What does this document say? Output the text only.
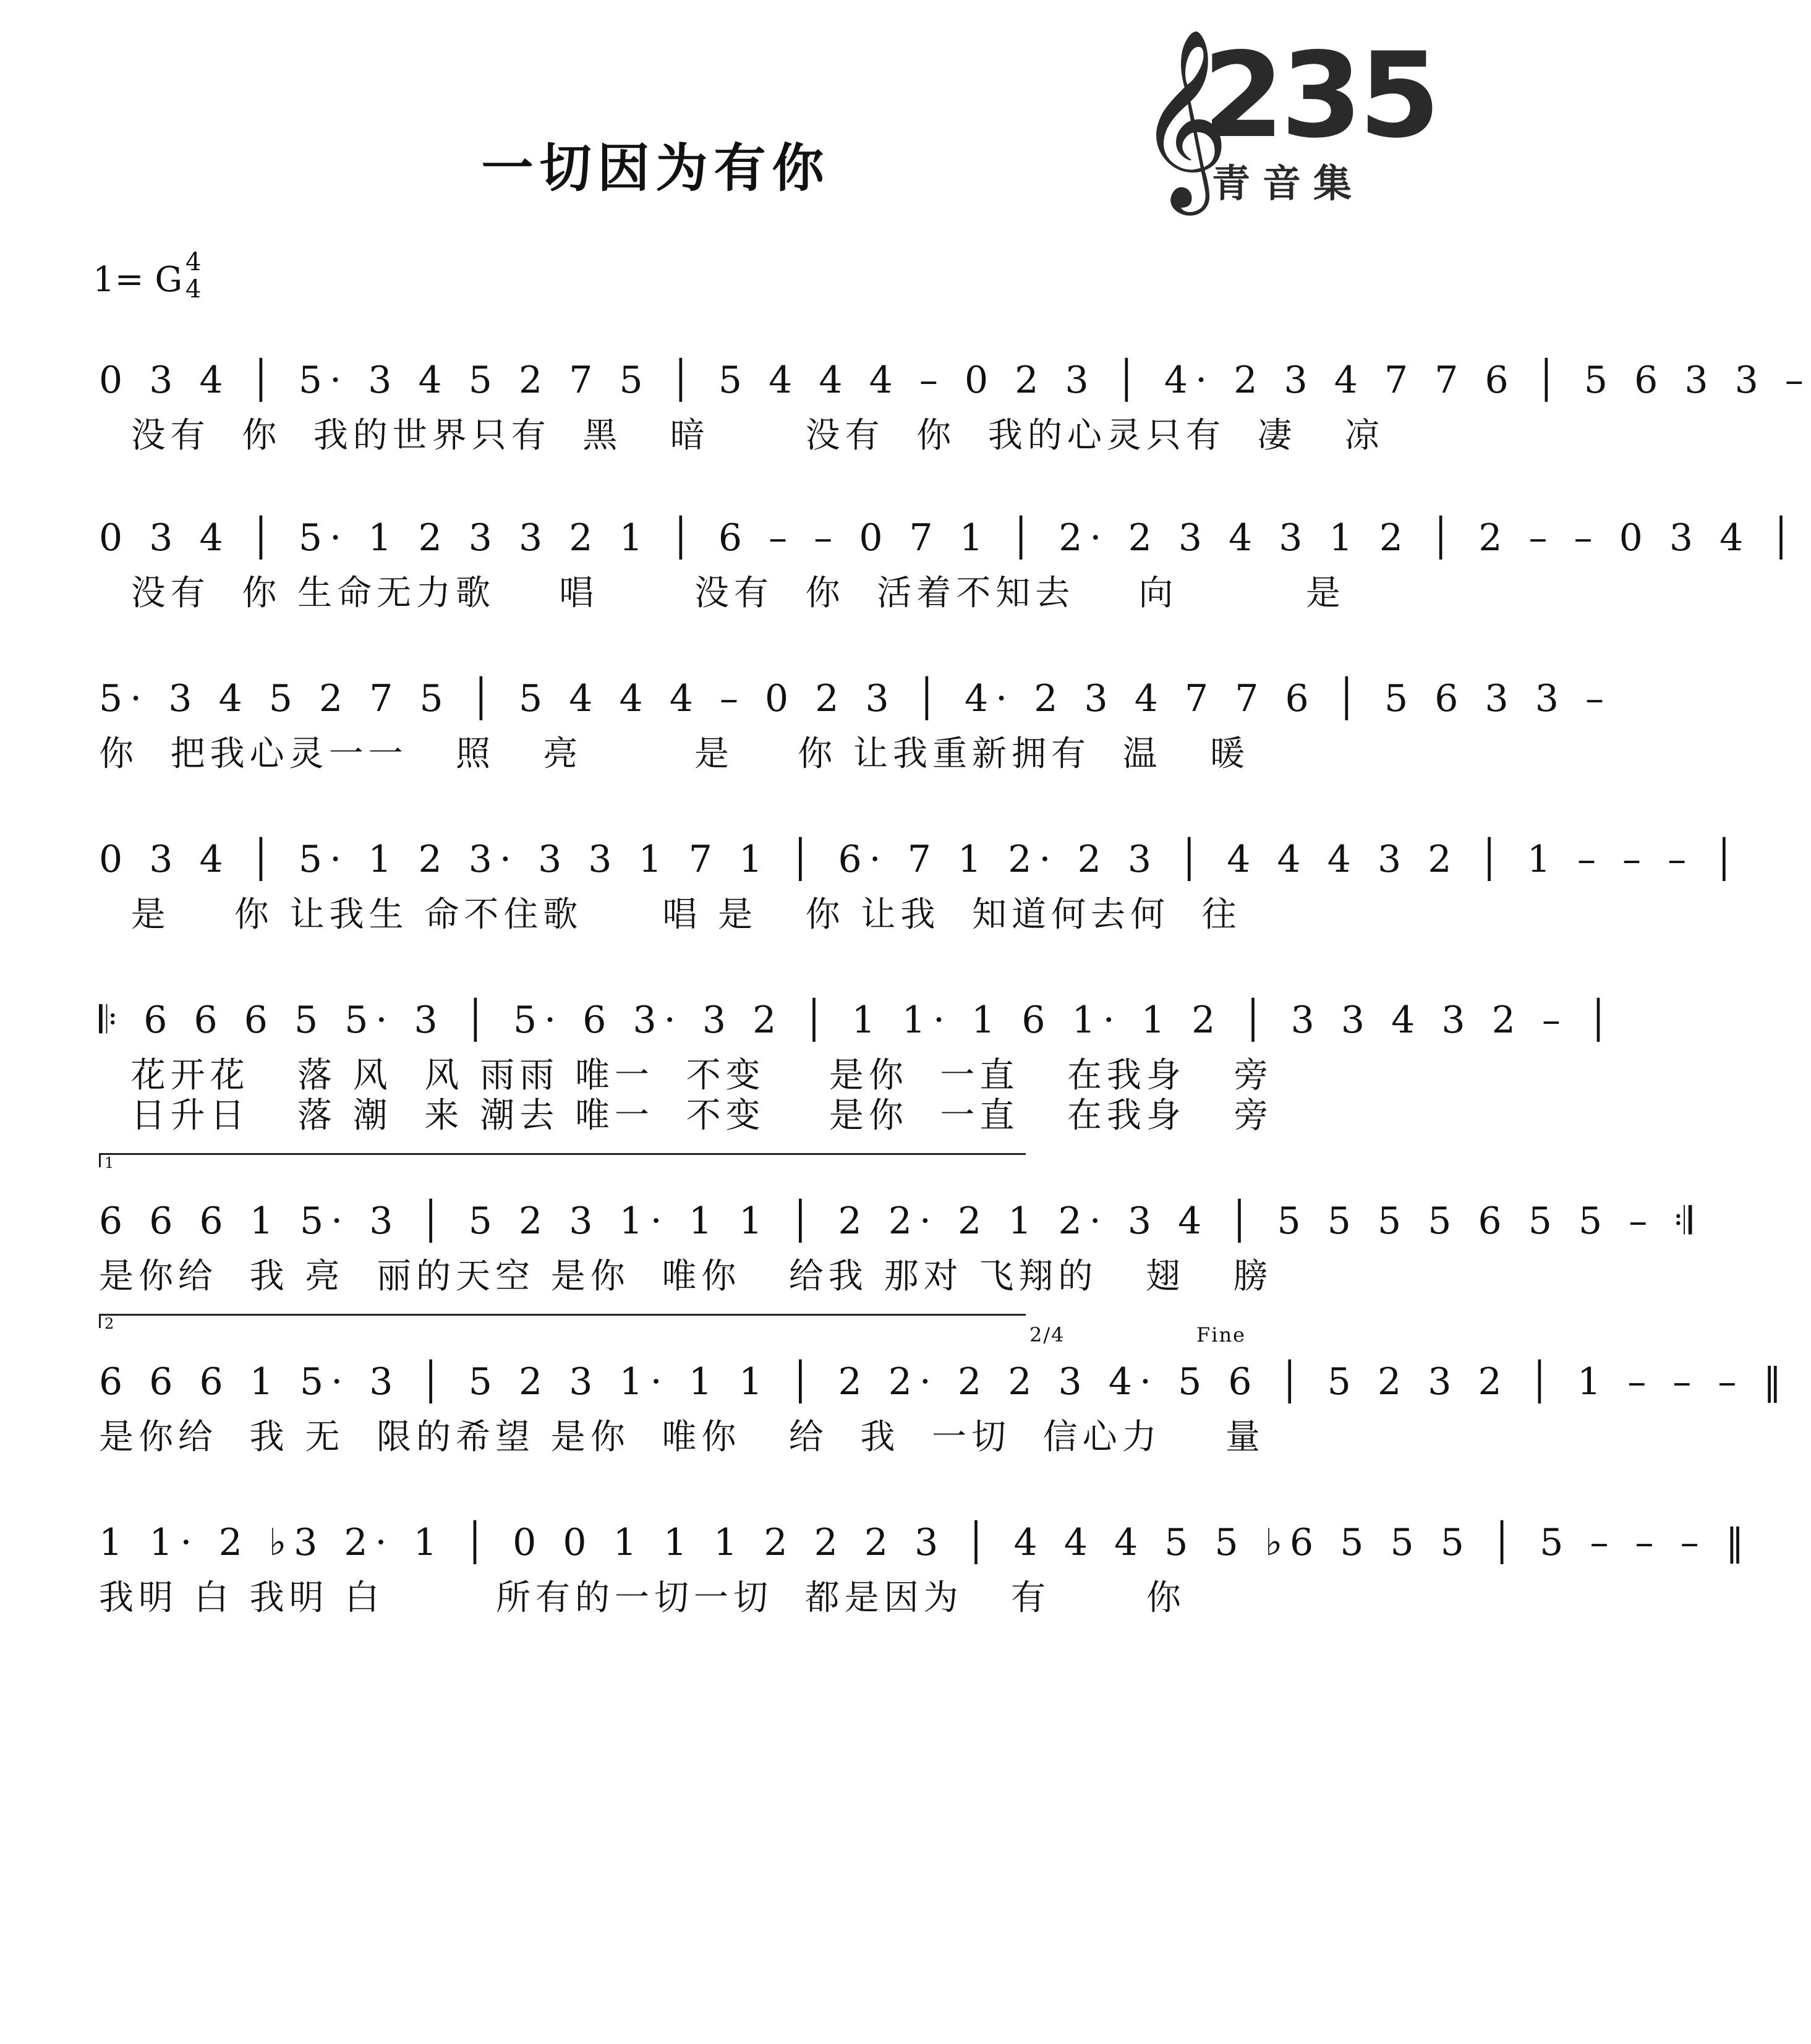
𝄞
235
青音集
一切因为有你
1= G 4
4
0 3 4 │ 5· 3 4 5 2 7 5 │ 5 4 4 4 – 0 2 3 │ 4· 2 3 4 7 7 6 │ 5 6 3 3 –
没有  你  我的世界只有  黑   暗      没有  你  我的心灵只有  凄   凉
0 3 4 │ 5· 1 2 3 3 2 1 │ 6 – – 0 7 1 │ 2· 2 3 4 3 1 2 │ 2 – – 0 3 4 │
没有  你 生命无力歌    唱      没有  你  活着不知去    向        是
5· 3 4 5 2 7 5 │ 5 4 4 4 – 0 2 3 │ 4· 2 3 4 7 7 6 │ 5 6 3 3 –
你  把我心灵一一   照   亮       是    你 让我重新拥有  温   暖
0 3 4 │ 5· 1 2 3· 3 3 1 7 1 │ 6· 7 1 2· 2 3 │ 4 4 4 3 2 │ 1 – – – │
是    你 让我生 命不住歌     唱 是   你 让我  知道何去何  往
𝄆 6 6 6 5 5· 3 │ 5· 6 3· 3 2 │ 1 1· 1 6 1· 1 2 │ 3 3 4 3 2 – │
花开花   落 风  风 雨雨 唯一  不变    是你  一直   在我身   旁
日升日   落 潮  来 潮去 唯一  不变    是你  一直   在我身   旁
1
6 6 6 1 5· 3 │ 5 2 3 1· 1 1 │ 2 2· 2 1 2· 3 4 │ 5 5 5 5 6 5 5 – 𝄇
是你给  我 亮  丽的天空 是你  唯你   给我 那对 飞翔的   翅   膀
2	2/4	Fine
6 6 6 1 5· 3 │ 5 2 3 1· 1 1 │ 2 2· 2 2 3 4· 5 6 │ 5 2 3 2 │ 1 – – – ‖
是你给  我 无  限的希望 是你  唯你   给  我  一切  信心力    量
1 1· 2 ♭3 2· 1 │ 0 0 1 1 1 2 2 2 3 │ 4 4 4 5 5 ♭6 5 5 5 │ 5 – – – ‖
我明 白 我明 白       所有的一切一切  都是因为   有      你
